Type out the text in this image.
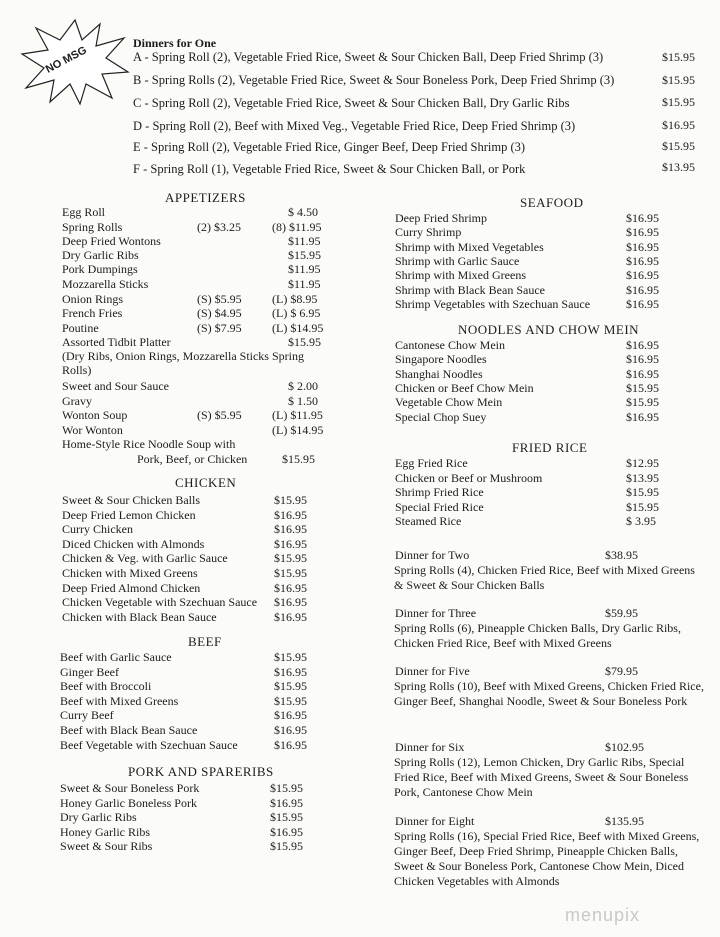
NO MSG
Dinners for One
A - Spring Roll (2), Vegetable Fried Rice, Sweet & Sour Chicken Ball, Deep Fried Shrimp (3)	$15.95
B - Spring Rolls (2), Vegetable Fried Rice, Sweet & Sour Boneless Pork, Deep Fried Shrimp (3)	$15.95
C - Spring Roll (2), Vegetable Fried Rice, Sweet & Sour Chicken Ball, Dry Garlic Ribs	$15.95
D - Spring Roll (2), Beef with Mixed Veg., Vegetable Fried Rice, Deep Fried Shrimp (3)	$16.95
E - Spring Roll (2), Vegetable Fried Rice, Ginger Beef, Deep Fried Shrimp (3)	$15.95
F - Spring Roll (1), Vegetable Fried Rice, Sweet & Sour Chicken Ball, or Pork	$13.95
APPETIZERS
Egg Roll	$ 4.50
Spring Rolls	(2) $3.25	(8) $11.95
Deep Fried Wontons	$11.95
Dry Garlic Ribs	$15.95
Pork Dumpings	$11.95
Mozzarella Sticks	$11.95
Onion Rings	(S) $5.95	(L) $8.95
French Fries	(S) $4.95	(L) $ 6.95
Poutine	(S) $7.95	(L) $14.95
Assorted Tidbit Platter	$15.95
(Dry Ribs, Onion Rings, Mozzarella Sticks Spring
Rolls)
Sweet and Sour Sauce	$ 2.00
Gravy	$ 1.50
Wonton Soup	(S) $5.95	(L) $11.95
Wor Wonton	(L) $14.95
Home-Style Rice Noodle Soup with
Pork, Beef, or Chicken	$15.95
CHICKEN
Sweet & Sour Chicken Balls	$15.95
Deep Fried Lemon Chicken	$16.95
Curry Chicken	$16.95
Diced Chicken with Almonds	$16.95
Chicken & Veg. with Garlic Sauce	$15.95
Chicken with Mixed Greens	$15.95
Deep Fried Almond Chicken	$16.95
Chicken Vegetable with Szechuan Sauce $16.95
Chicken with Black Bean Sauce	$16.95
BEEF
Beef with Garlic Sauce	$15.95
Ginger Beef	$16.95
Beef with Broccoli	$15.95
Beef with Mixed Greens	$15.95
Curry Beef	$16.95
Beef with Black Bean Sauce	$16.95
Beef Vegetable with Szechuan Sauce	$16.95
PORK AND SPARERIBS
Sweet & Sour Boneless Pork	$15.95
Honey Garlic Boneless Pork	$16.95
Dry Garlic Ribs	$15.95
Honey Garlic Ribs	$16.95
Sweet & Sour Ribs	$15.95
SEAFOOD
Deep Fried Shrimp	$16.95
Curry Shrimp	$16.95
Shrimp with Mixed Vegetables	$16.95
Shrimp with Garlic Sauce	$16.95
Shrimp with Mixed Greens	$16.95
Shrimp with Black Bean Sauce	$16.95
Shrimp Vegetables with Szechuan Sauce	$16.95
NOODLES AND CHOW MEIN
Cantonese Chow Mein	$16.95
Singapore Noodles	$16.95
Shanghai Noodles	$16.95
Chicken or Beef Chow Mein	$15.95
Vegetable Chow Mein	$15.95
Special Chop Suey	$16.95
FRIED RICE
Egg Fried Rice	$12.95
Chicken or Beef or Mushroom	$13.95
Shrimp Fried Rice	$15.95
Special Fried Rice	$15.95
Steamed Rice	$ 3.95
Dinner for Two	$38.95
Spring Rolls (4), Chicken Fried Rice, Beef with Mixed Greens & Sweet & Sour Chicken Balls
Dinner for Three	$59.95
Spring Rolls (6), Pineapple Chicken Balls, Dry Garlic Ribs, Chicken Fried Rice, Beef with Mixed Greens
Dinner for Five	$79.95
Spring Rolls (10), Beef with Mixed Greens, Chicken Fried Rice, Ginger Beef, Shanghai Noodle, Sweet & Sour Boneless Pork
Dinner for Six	$102.95
Spring Rolls (12), Lemon Chicken, Dry Garlic Ribs, Special Fried Rice, Beef with Mixed Greens, Sweet & Sour Boneless Pork, Cantonese Chow Mein
Dinner for Eight	$135.95
Spring Rolls (16), Special Fried Rice, Beef with Mixed Greens, Ginger Beef, Deep Fried Shrimp, Pineapple Chicken Balls, Sweet & Sour Boneless Pork, Cantonese Chow Mein, Diced Chicken Vegetables with Almonds
menupix
